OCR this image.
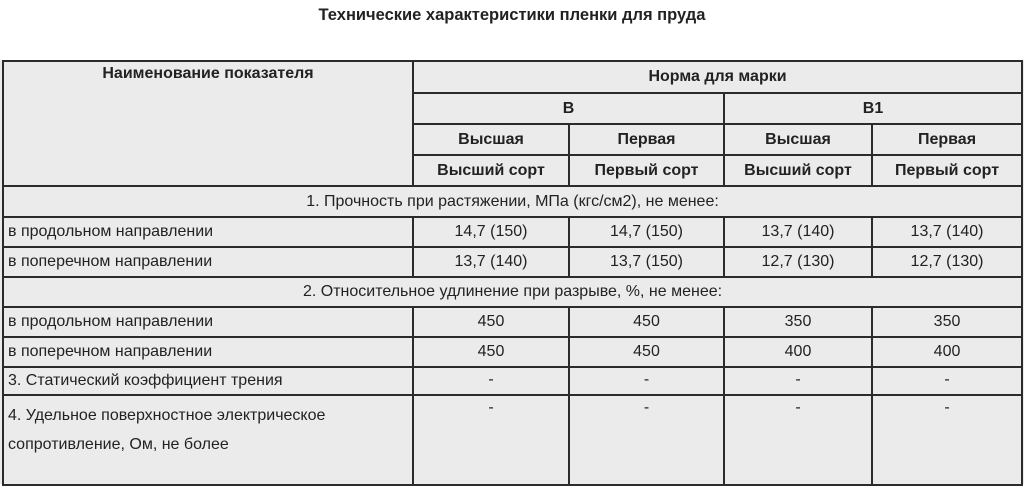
Технические характеристики пленки для пруда
Наименование показателя	Норма для марки			
	В		В1	
	Высшая	Первая	Высшая	Первая
	Высший сорт	Первый сорт	Высший сорт	Первый сорт
1. Прочность при растяжении, МПа (кгс/см2), не менее:				
в продольном направлении	14,7 (150)	14,7 (150)	13,7 (140)	13,7 (140)
в поперечном направлении	13,7 (140)	13,7 (150)	12,7 (130)	12,7 (130)
2. Относительное удлинение при разрыве, %, не менее:				
в продольном направлении	450	450	350	350
в поперечном направлении	450	450	400	400
3. Статический коэффициент трения	-	-	-	-
4. Удельное поверхностное электрическое сопротивление, Ом, не более	-	-	-	-
